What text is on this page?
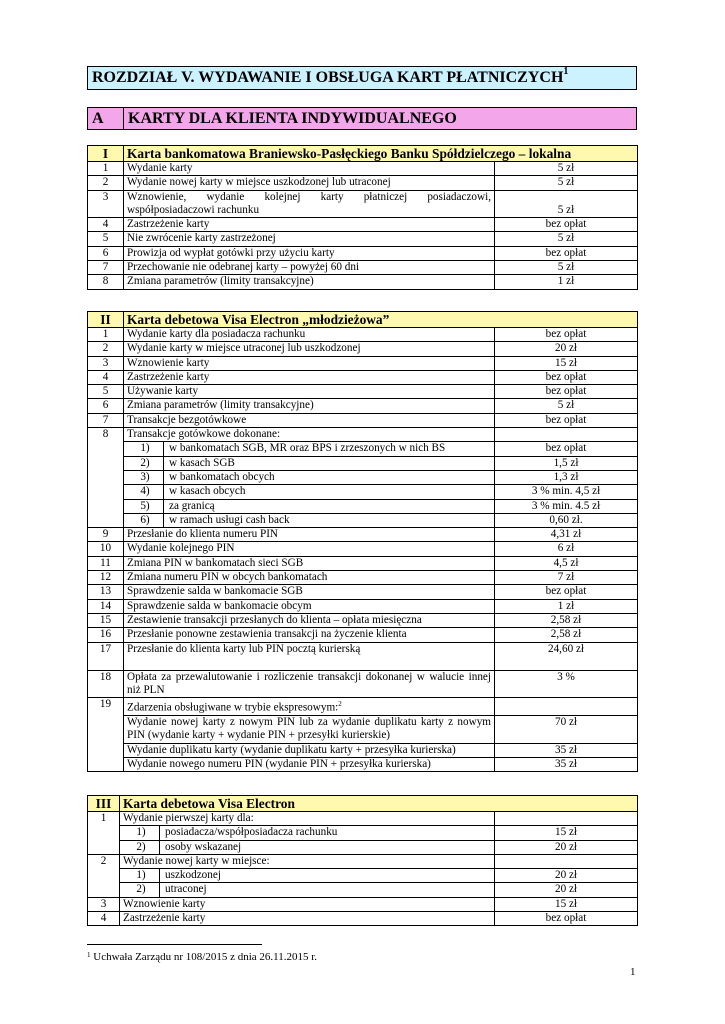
ROZDZIAŁ V. WYDAWANIE I OBSŁUGA KART PŁATNICZYCH$^1$
A	KARTY DLA KLIENTA INDYWIDUALNEGO
I	Karta bankomatowa Braniewsko-Pasłęckiego Banku Spółdzielczego – lokalna	
1	Wydanie karty	5 zł
2	Wydanie nowej karty w miejsce uszkodzonej lub utraconej	5 zł
3	Wznowienie, wydanie kolejnej karty płatniczej posiadaczowi, współposiadaczowi rachunku	5 zł
4	Zastrzeżenie karty	bez opłat
5	Nie zwrócenie karty zastrzeżonej	5 zł
6	Prowizja od wypłat gotówki przy użyciu karty	bez opłat
7	Przechowanie nie odebranej karty – powyżej 60 dni	5 zł
8	Zmiana parametrów (limity transakcyjne)	1 zł
II	Karta debetowa Visa Electron „młodzieżowa”	
1	Wydanie karty dla posiadacza rachunku	bez opłat
2	Wydanie karty w miejsce utraconej lub uszkodzonej	20 zł
3	Wznowienie karty	15 zł
4	Zastrzeżenie karty	bez opłat
5	Używanie karty	bez opłat
6	Zmiana parametrów (limity transakcyjne)	5 zł
7	Transakcje bezgotówkowe	bez opłat
8	Transakcje gotówkowe dokonane:	

	1) w bankomatach SGB, MR oraz BPS i zrzeszonych w nich BS	bez opłat

	2) w kasach SGB	1,5 zł

	3) w bankomatach obcych	1,3 zł

	4) w kasach obcych	3 % min. 4,5 zł

	5) za granicą	3 % min. 4.5 zł

	6) w ramach usługi cash back	0,60 zł.
9	Przesłanie do klienta numeru PIN	4,31 zł
10	Wydanie kolejnego PIN	6 zł
11	Zmiana PIN w bankomatach sieci SGB	4,5 zł
12	Zmiana numeru PIN w obcych bankomatach	7 zł
13	Sprawdzenie salda w bankomacie SGB	bez opłat
14	Sprawdzenie salda w bankomacie obcym	1 zł
15	Zestawienie transakcji przesłanych do klienta – opłata miesięczna	2,58 zł
16	Przesłanie ponowne zestawienia transakcji na życzenie klienta	2,58 zł
17	Przesłanie do klienta karty lub PIN pocztą kurierską	24,60 zł
18	Opłata za przewalutowanie i rozliczenie transakcji dokonanej w walucie innej niż PLN	3 %
19	Zdarzenia obsługiwane w trybie ekspresowym:$^2$	
	Wydanie nowej karty z nowym PIN lub za wydanie duplikatu karty z nowym PIN (wydanie karty + wydanie PIN + przesyłki kurierskie)	70 zł
	Wydanie duplikatu karty (wydanie duplikatu karty + przesyłka kurierska)	35 zł
	Wydanie nowego numeru PIN (wydanie PIN + przesyłka kurierska)	35 zł
III	Karta debetowa Visa Electron	
1	Wydanie pierwszej karty dla:	

	1) posiadacza/współposiadacza rachunku	15 zł

	2) osoby wskazanej	20 zł
2	Wydanie nowej karty w miejsce:	

	1) uszkodzonej	20 zł

	2) utraconej	20 zł
3	Wznowienie karty	15 zł
4	Zastrzeżenie karty	bez opłat
$^1$ Uchwała Zarządu nr 108/2015 z dnia 26.11.2015 r.
1
